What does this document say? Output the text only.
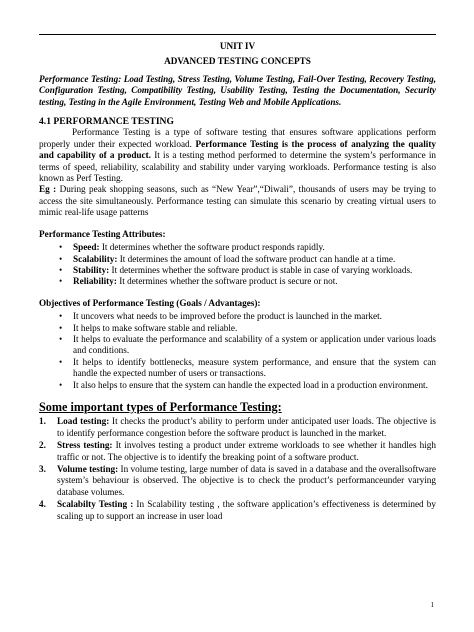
UNIT IV
ADVANCED TESTING CONCEPTS
Performance Testing: Load Testing, Stress Testing, Volume Testing, Fail-Over Testing, Recovery Testing, Configuration Testing, Compatibility Testing, Usability Testing, Testing the Documentation, Security testing, Testing in the Agile Environment, Testing Web and Mobile Applications.
4.1 PERFORMANCE TESTING
Performance Testing is a type of software testing that ensures software applications perform properly under their expected workload. Performance Testing is the process of analyzing the quality and capability of a product. It is a testing method performed to determine the system’s performance in terms of speed, reliability, scalability and stability under varying workloads. Performance testing is also known as Perf Testing.
Eg : During peak shopping seasons, such as “New Year”,“Diwali”, thousands of users may be trying to access the site simultaneously. Performance testing can simulate this scenario by creating virtual users to mimic real-life usage patterns
Performance Testing Attributes:
• Speed: It determines whether the software product responds rapidly.
• Scalability: It determines the amount of load the software product can handle at a time.
• Stability: It determines whether the software product is stable in case of varying workloads.
• Reliability: It determines whether the software product is secure or not.
Objectives of Performance Testing (Goals / Advantages):
• It uncovers what needs to be improved before the product is launched in the market.
• It helps to make software stable and reliable.
• It helps to evaluate the performance and scalability of a system or application under various loads and conditions.
• It helps to identify bottlenecks, measure system performance, and ensure that the system can handle the expected number of users or transactions.
• It also helps to ensure that the system can handle the expected load in a production environment.
Some important types of Performance Testing:
1. Load testing: It checks the product’s ability to perform under anticipated user loads. The objective is to identify performance congestion before the software product is launched in the market.
2. Stress testing: It involves testing a product under extreme workloads to see whether it handles high traffic or not. The objective is to identify the breaking point of a software product.
3. Volume testing: In volume testing, large number of data is saved in a database and the overallsoftware system’s behaviour is observed. The objective is to check the product’s performanceunder varying database volumes.
4. Scalabilty Testing : In Scalability testing , the software application’s effectiveness is determined by scaling up to support an increase in user load
1
